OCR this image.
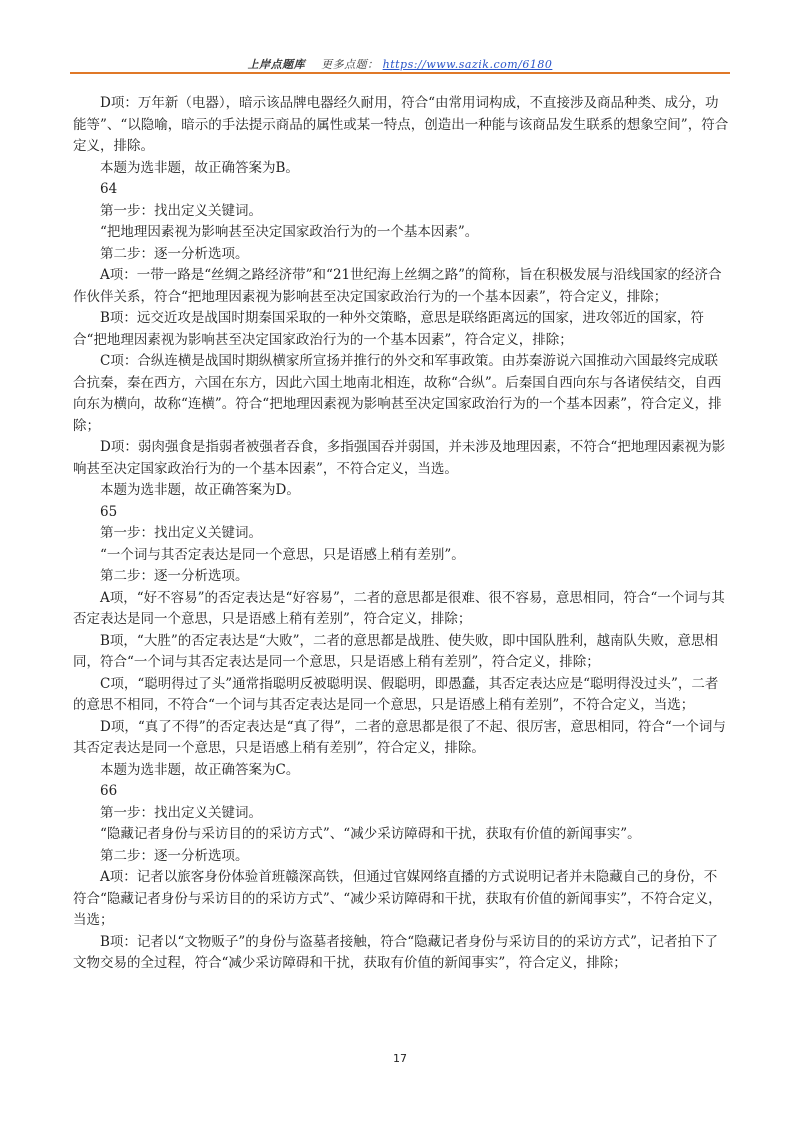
上岸点题库 更多点题： https://www.sazik.com/6180

D项：万年新（电器），暗示该品牌电器经久耐用，符合“由常用词构成，不直接涉及商品种类、成分，功能等”、“以隐喻，暗示的手法提示商品的属性或某一特点，创造出一种能与该商品发生联系的想象空间”，符合定义，排除。

本题为选非题，故正确答案为B。

64

第一步：找出定义关键词。

“把地理因素视为影响甚至决定国家政治行为的一个基本因素”。

第二步：逐一分析选项。

A项：一带一路是“丝绸之路经济带”和“21世纪海上丝绸之路”的简称，旨在积极发展与沿线国家的经济合作伙伴关系，符合“把地理因素视为影响甚至决定国家政治行为的一个基本因素”，符合定义，排除；

B项：远交近攻是战国时期秦国采取的一种外交策略，意思是联络距离远的国家，进攻邻近的国家，符合“把地理因素视为影响甚至决定国家政治行为的一个基本因素”，符合定义，排除；

C项：合纵连横是战国时期纵横家所宣扬并推行的外交和军事政策。由苏秦游说六国推动六国最终完成联合抗秦，秦在西方，六国在东方，因此六国土地南北相连，故称“合纵”。后秦国自西向东与各诸侯结交，自西向东为横向，故称“连横”。符合“把地理因素视为影响甚至决定国家政治行为的一个基本因素”，符合定义，排除；

D项：弱肉强食是指弱者被强者吞食，多指强国吞并弱国，并未涉及地理因素，不符合“把地理因素视为影响甚至决定国家政治行为的一个基本因素”，不符合定义，当选。

本题为选非题，故正确答案为D。

65

第一步：找出定义关键词。

“一个词与其否定表达是同一个意思，只是语感上稍有差别”。

第二步：逐一分析选项。

A项，“好不容易”的否定表达是“好容易”，二者的意思都是很难、很不容易，意思相同，符合“一个词与其否定表达是同一个意思，只是语感上稍有差别”，符合定义，排除；

B项，“大胜”的否定表达是“大败”，二者的意思都是战胜、使失败，即中国队胜利，越南队失败，意思相同，符合“一个词与其否定表达是同一个意思，只是语感上稍有差别”，符合定义，排除；

C项，“聪明得过了头”通常指聪明反被聪明误、假聪明，即愚蠢，其否定表达应是“聪明得没过头”，二者的意思不相同，不符合“一个词与其否定表达是同一个意思，只是语感上稍有差别”，不符合定义，当选；

D项，“真了不得”的否定表达是“真了得”，二者的意思都是很了不起、很厉害，意思相同，符合“一个词与其否定表达是同一个意思，只是语感上稍有差别”，符合定义，排除。

本题为选非题，故正确答案为C。

66

第一步：找出定义关键词。

“隐藏记者身份与采访目的的采访方式”、“减少采访障碍和干扰，获取有价值的新闻事实”。

第二步：逐一分析选项。

A项：记者以旅客身份体验首班赣深高铁，但通过官媒网络直播的方式说明记者并未隐藏自己的身份，不符合“隐藏记者身份与采访目的的采访方式”、“减少采访障碍和干扰，获取有价值的新闻事实”，不符合定义，当选；

B项：记者以“文物贩子”的身份与盗墓者接触，符合“隐藏记者身份与采访目的的采访方式”，记者拍下了文物交易的全过程，符合“减少采访障碍和干扰，获取有价值的新闻事实”，符合定义，排除；

17
